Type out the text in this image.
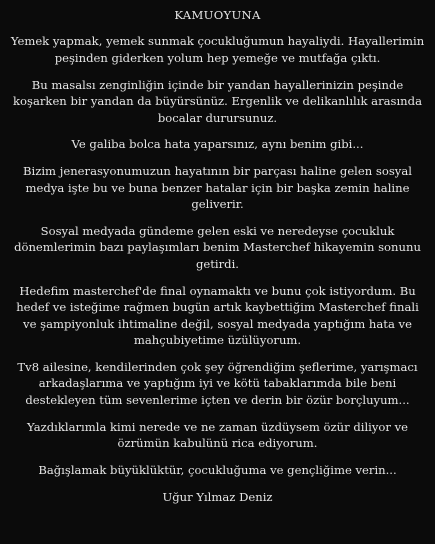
KAMUOYUNA
Yemek yapmak, yemek sunmak çocukluğumun hayaliydi. Hayallerimin peşinden giderken yolum hep yemeğe ve mutfağa çıktı.
Bu masalsı zenginliğin içinde bir yandan hayallerinizin peşinde koşarken bir yandan da büyürsünüz. Ergenlik ve delikanlılık arasında bocalar durursunuz.
Ve galiba bolca hata yaparsınız, aynı benim gibi...
Bizim jenerasyonumuzun hayatının bir parçası haline gelen sosyal medya işte bu ve buna benzer hatalar için bir başka zemin haline geliverir.
Sosyal medyada gündeme gelen eski ve neredeyse çocukluk dönemlerimin bazı paylaşımları benim Masterchef hikayemin sonunu getirdi.
Hedefim masterchef'de final oynamaktı ve bunu çok istiyordum. Bu hedef ve isteğime rağmen bugün artık kaybettiğim Masterchef finali ve şampiyonluk ihtimaline değil, sosyal medyada yaptığım hata ve mahçubiyetime üzülüyorum.
Tv8 ailesine, kendilerinden çok şey öğrendiğim şeflerime, yarışmacı arkadaşlarıma ve yaptığım iyi ve kötü tabaklarımda bile beni destekleyen tüm sevenlerime içten ve derin bir özür borçluyum...
Yazdıklarımla kimi nerede ve ne zaman üzdüysem özür diliyor ve özrümün kabulünü rica ediyorum.
Bağışlamak büyüklüktür, çocukluğuma ve gençliğime verin...
Uğur Yılmaz Deniz
